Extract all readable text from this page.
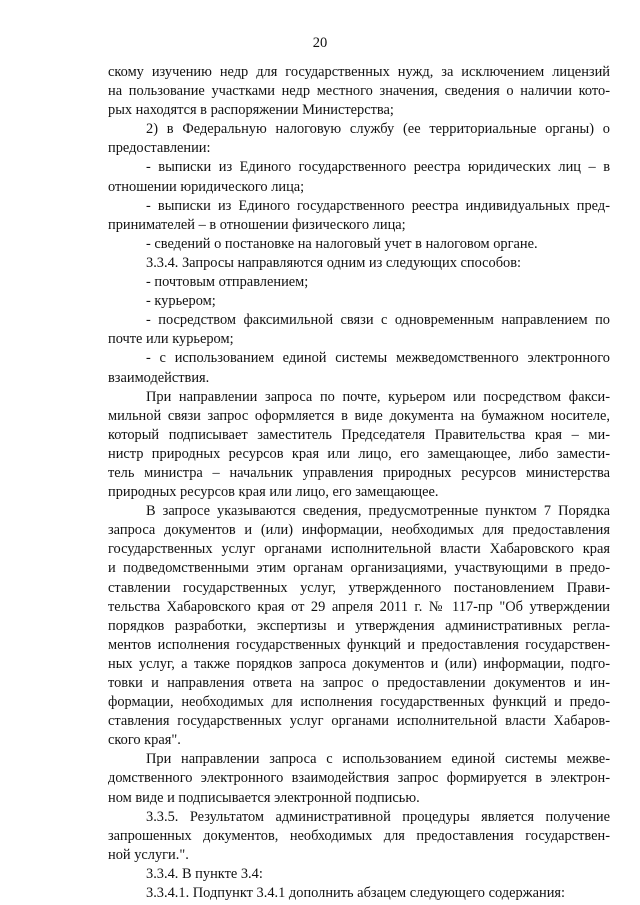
20
скому изучению недр для государственных нужд, за исключением лицензий
на пользование участками недр местного значения, сведения о наличии кото-
рых находятся в распоряжении Министерства;
2) в Федеральную налоговую службу (ее территориальные органы) о
предоставлении:
- выписки из Единого государственного реестра юридических лиц – в
отношении юридического лица;
- выписки из Единого государственного реестра индивидуальных пред-
принимателей – в отношении физического лица;
- сведений о постановке на налоговый учет в налоговом органе.
3.3.4. Запросы направляются одним из следующих способов:
- почтовым отправлением;
- курьером;
- посредством факсимильной связи с одновременным направлением по
почте или курьером;
- с использованием единой системы межведомственного электронного
взаимодействия.
При направлении запроса по почте, курьером или посредством факси-
мильной связи запрос оформляется в виде документа на бумажном носителе,
который подписывает заместитель Председателя Правительства края – ми-
нистр природных ресурсов края или лицо, его замещающее, либо замести-
тель министра – начальник управления природных ресурсов министерства
природных ресурсов края или лицо, его замещающее.
В запросе указываются сведения, предусмотренные пунктом 7 Порядка
запроса документов и (или) информации, необходимых для предоставления
государственных услуг органами исполнительной власти Хабаровского края
и подведомственными этим органам организациями, участвующими в предо-
ставлении государственных услуг, утвержденного постановлением Прави-
тельства Хабаровского края от 29 апреля 2011 г. № 117-пр "Об утверждении
порядков разработки, экспертизы и утверждения административных регла-
ментов исполнения государственных функций и предоставления государствен-
ных услуг, а также порядков запроса документов и (или) информации, подго-
товки и направления ответа на запрос о предоставлении документов и ин-
формации, необходимых для исполнения государственных функций и предо-
ставления государственных услуг органами исполнительной власти Хабаров-
ского края".
При направлении запроса с использованием единой системы межве-
домственного электронного взаимодействия запрос формируется в электрон-
ном виде и подписывается электронной подписью.
3.3.5. Результатом административной процедуры является получение
запрошенных документов, необходимых для предоставления государствен-
ной услуги.".
3.3.4. В пункте 3.4:
3.3.4.1. Подпункт 3.4.1 дополнить абзацем следующего содержания:
